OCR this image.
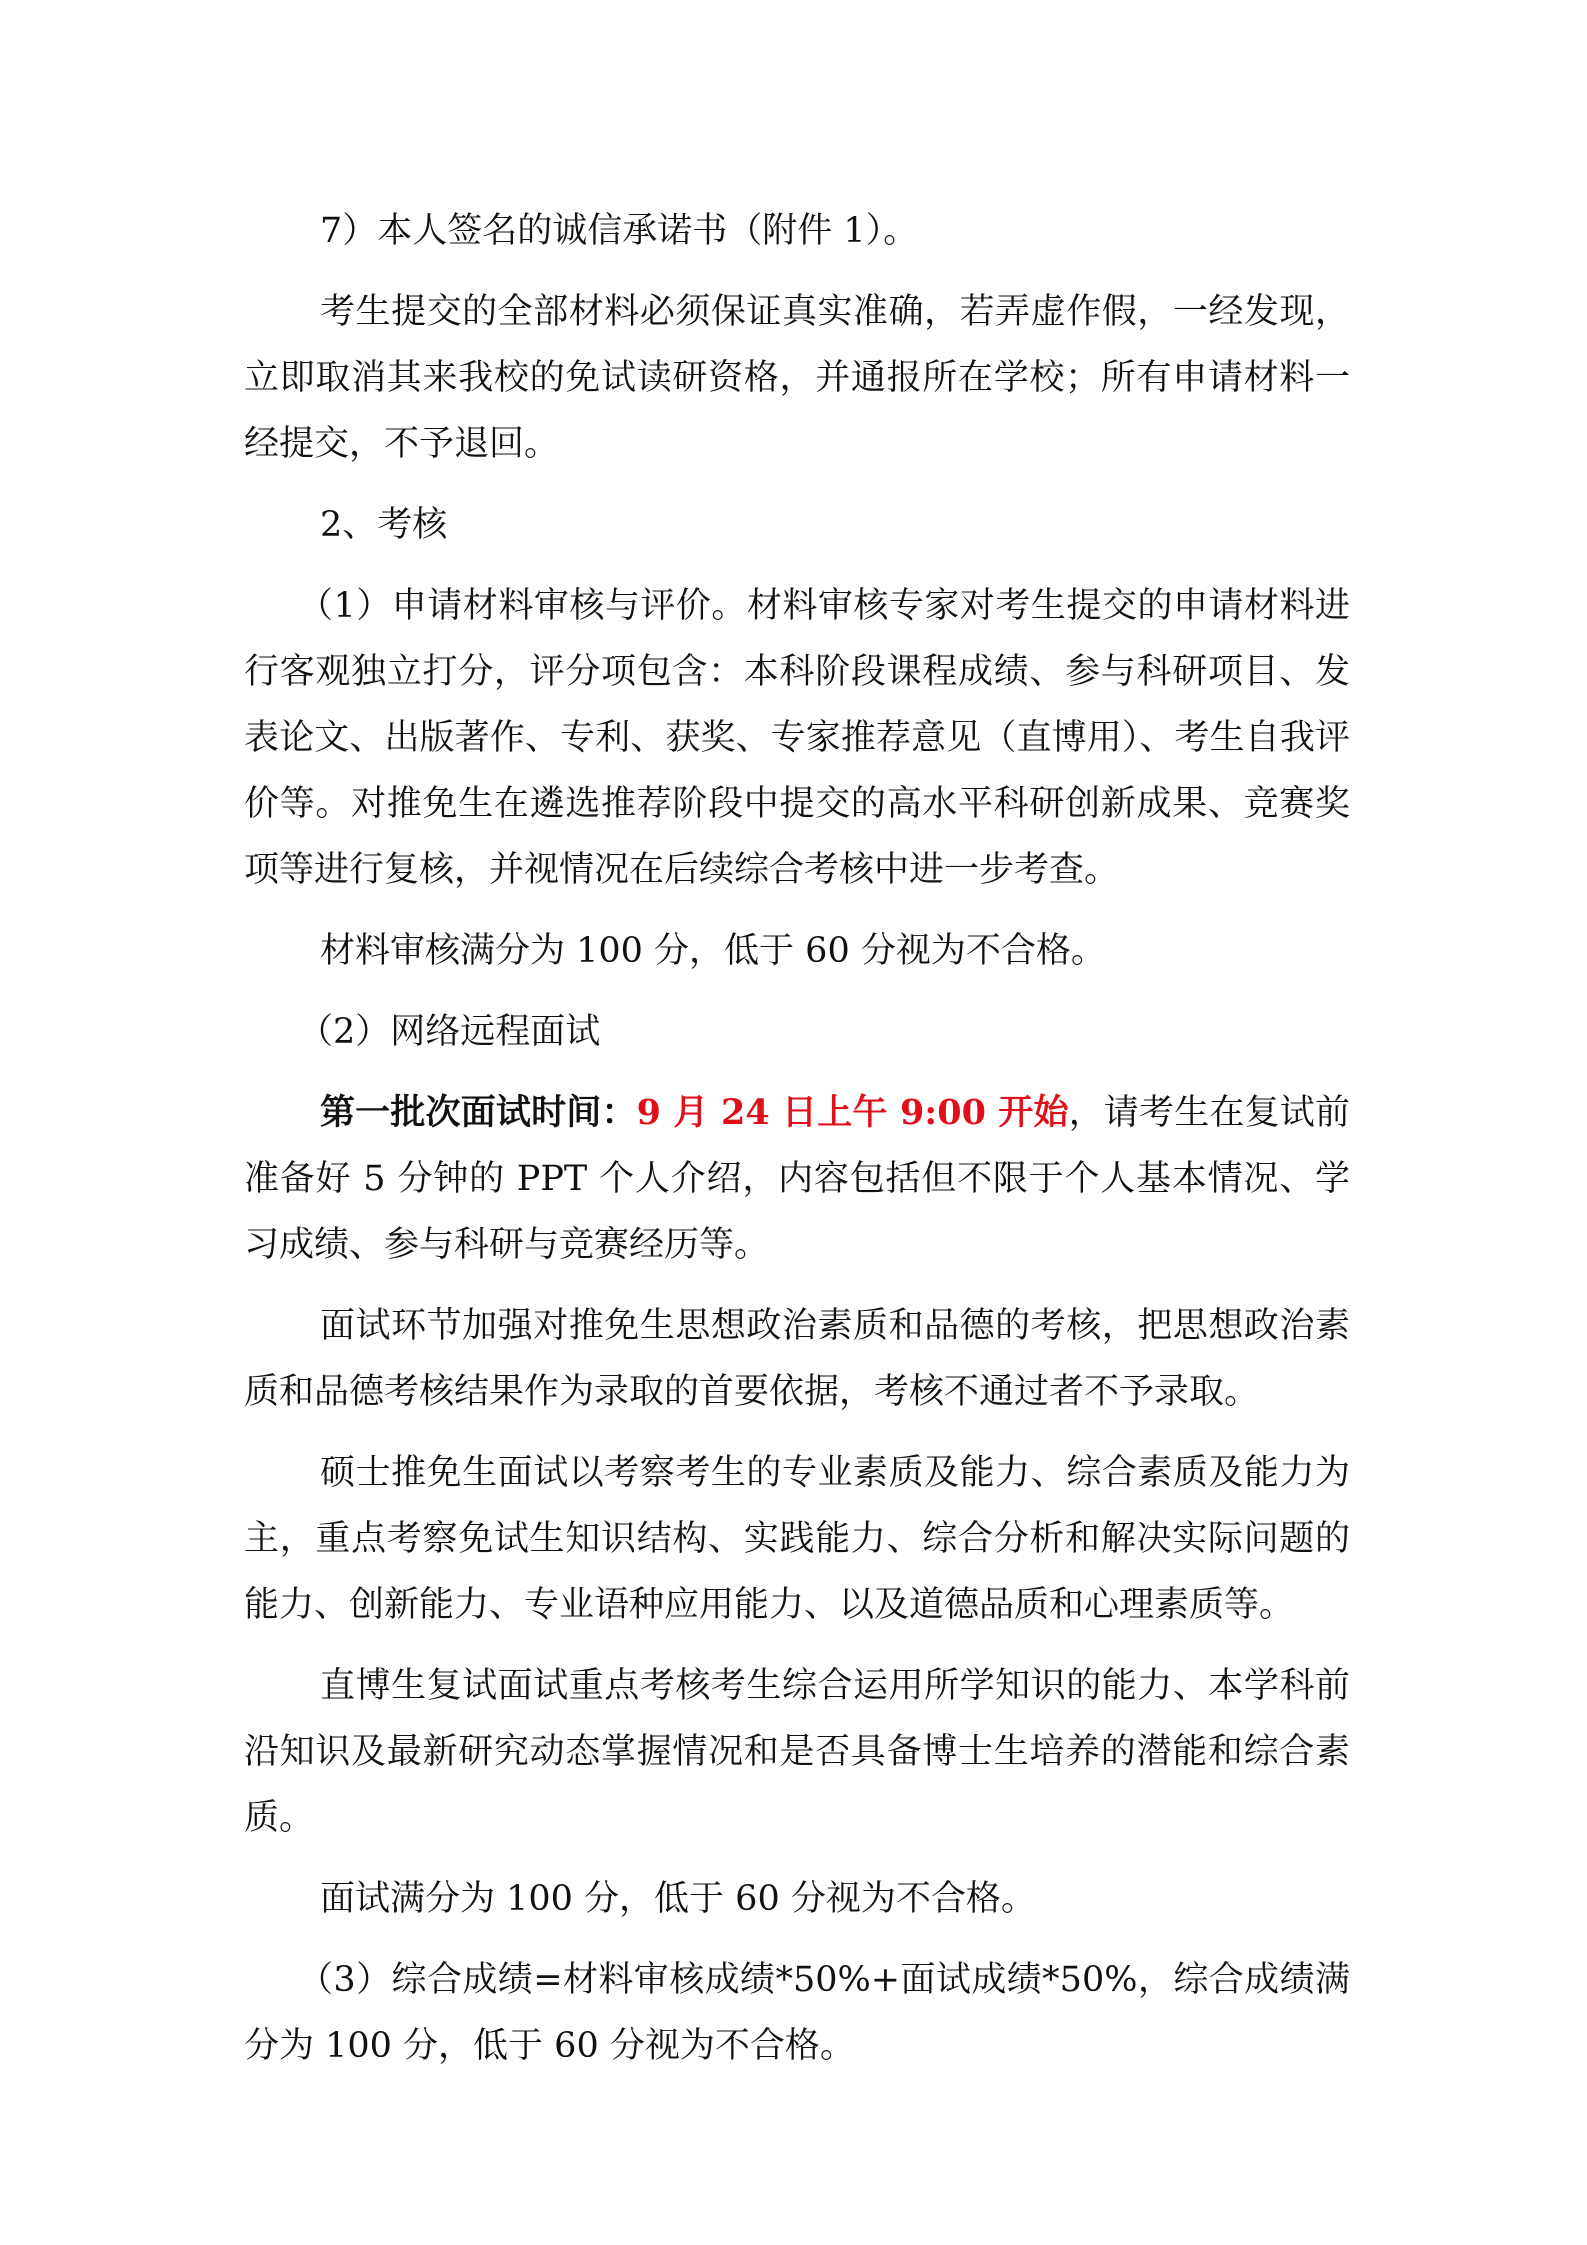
7）本人签名的诚信承诺书（附件 1）。

考生提交的全部材料必须保证真实准确，若弄虚作假，一经发现，立即取消其来我校的免试读研资格，并通报所在学校；所有申请材料一经提交，不予退回。

2、考核

（1）申请材料审核与评价。材料审核专家对考生提交的申请材料进行客观独立打分，评分项包含：本科阶段课程成绩、参与科研项目、发表论文、出版著作、专利、获奖、专家推荐意见（直博用）、考生自我评价等。对推免生在遴选推荐阶段中提交的高水平科研创新成果、竞赛奖项等进行复核，并视情况在后续综合考核中进一步考查。

材料审核满分为 100 分，低于 60 分视为不合格。

（2）网络远程面试

第一批次面试时间：9 月 24 日上午 9:00 开始，请考生在复试前准备好 5 分钟的 PPT 个人介绍，内容包括但不限于个人基本情况、学习成绩、参与科研与竞赛经历等。

面试环节加强对推免生思想政治素质和品德的考核，把思想政治素质和品德考核结果作为录取的首要依据，考核不通过者不予录取。

硕士推免生面试以考察考生的专业素质及能力、综合素质及能力为主，重点考察免试生知识结构、实践能力、综合分析和解决实际问题的能力、创新能力、专业语种应用能力、以及道德品质和心理素质等。

直博生复试面试重点考核考生综合运用所学知识的能力、本学科前沿知识及最新研究动态掌握情况和是否具备博士生培养的潜能和综合素质。

面试满分为 100 分，低于 60 分视为不合格。

（3）综合成绩=材料审核成绩*50%+面试成绩*50%，综合成绩满分为 100 分，低于 60 分视为不合格。
